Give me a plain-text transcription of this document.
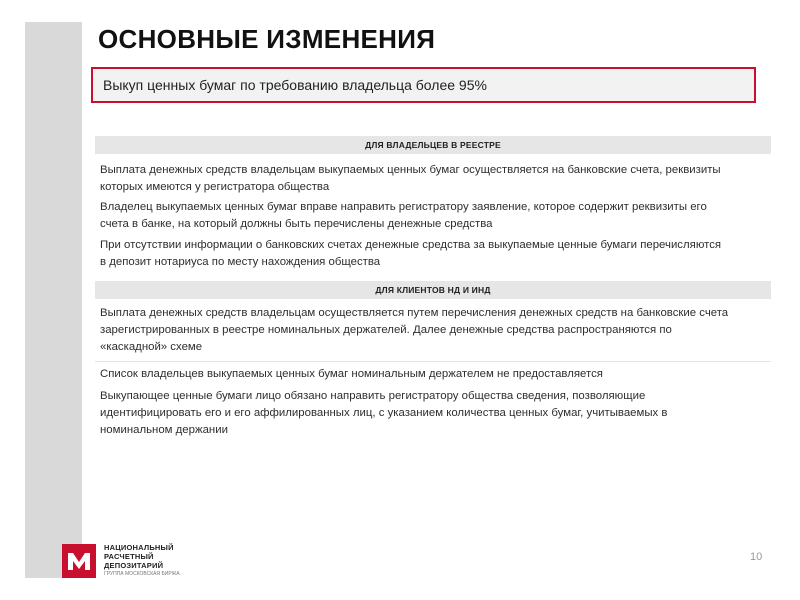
ОСНОВНЫЕ ИЗМЕНЕНИЯ
Выкуп ценных бумаг по требованию владельца более 95%
ДЛЯ ВЛАДЕЛЬЦЕВ В РЕЕСТРЕ
Выплата денежных средств владельцам выкупаемых ценных бумаг осуществляется на банковские счета, реквизиты которых имеются у регистратора общества
Владелец выкупаемых ценных бумаг вправе направить регистратору заявление, которое содержит реквизиты его счета в банке, на который должны быть перечислены денежные средства
При отсутствии информации о банковских счетах денежные средства за выкупаемые ценные бумаги перечисляются в депозит нотариуса по месту нахождения общества
ДЛЯ КЛИЕНТОВ НД И ИНД
Выплата денежных средств владельцам осуществляется путем перечисления денежных средств на банковские счета зарегистрированных в реестре номинальных держателей. Далее денежные средства распространяются по «каскадной» схеме
Список владельцев выкупаемых ценных бумаг номинальным держателем не предоставляется
Выкупающее ценные бумаги лицо обязано направить регистратору общества сведения, позволяющие идентифицировать его и его аффилированных лиц, с указанием количества ценных бумаг, учитываемых в номинальном держании
НАЦИОНАЛЬНЫЙ
РАСЧЕТНЫЙ
ДЕПОЗИТАРИЙ
ГРУППА МОСКОВСКАЯ БИРЖА
10
